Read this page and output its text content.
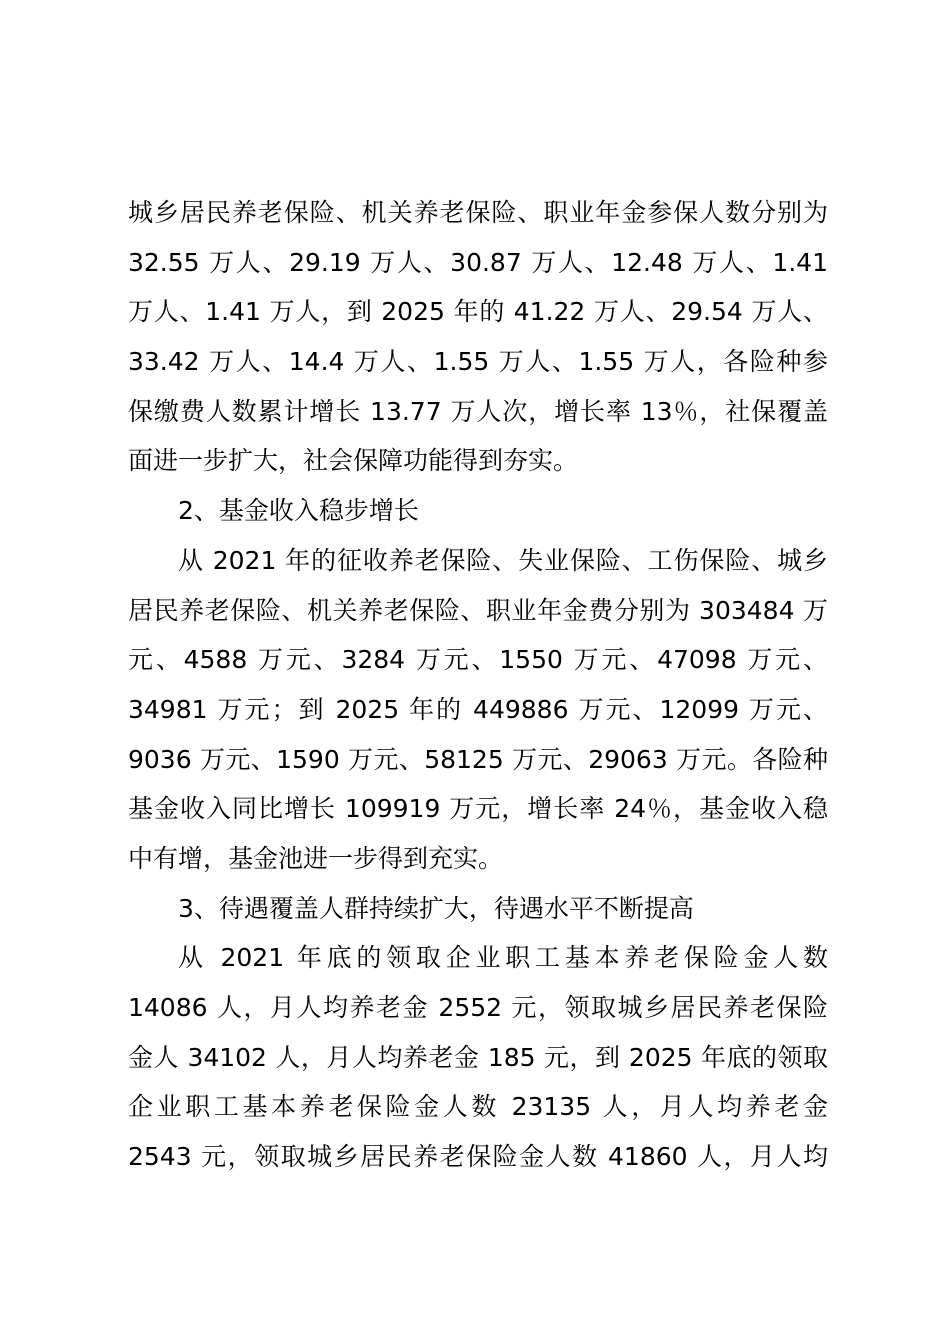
城乡居民养老保险、机关养老保险、职业年金参保人数分别为
32.55 万人、29.19 万人、30.87 万人、12.48 万人、1.41
万人、1.41 万人，到 2025 年的 41.22 万人、29.54 万人、
33.42 万人、14.4 万人、1.55 万人、1.55 万人，各险种参
保缴费人数累计增长 13.77 万人次，增长率 13％，社保覆盖
面进一步扩大，社会保障功能得到夯实。
2、基金收入稳步增长
从 2021 年的征收养老保险、失业保险、工伤保险、城乡
居民养老保险、机关养老保险、职业年金费分别为 303484 万
元、4588 万元、3284 万元、1550 万元、47098 万元、
34981 万元；到 2025 年的 449886 万元、12099 万元、
9036 万元、1590 万元、58125 万元、29063 万元。各险种
基金收入同比增长 109919 万元，增长率 24％，基金收入稳
中有增，基金池进一步得到充实。
3、待遇覆盖人群持续扩大，待遇水平不断提高
从 2021 年底的领取企业职工基本养老保险金人数
14086 人，月人均养老金 2552 元，领取城乡居民养老保险
金人 34102 人，月人均养老金 185 元，到 2025 年底的领取
企业职工基本养老保险金人数 23135 人，月人均养老金
2543 元，领取城乡居民养老保险金人数 41860 人，月人均
